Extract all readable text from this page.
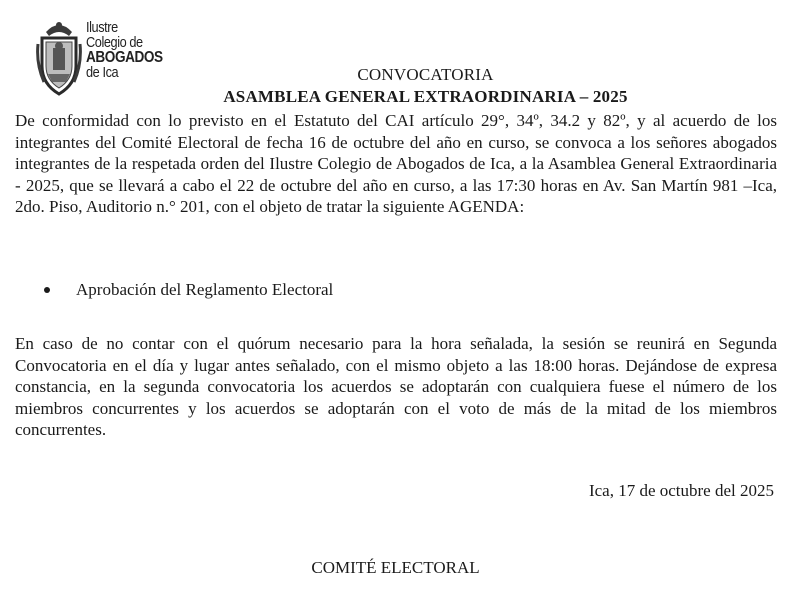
Ilustre
Colegio de
ABOGADOS
de Ica	CONVOCATORIA
ASAMBLEA GENERAL EXTRAORDINARIA – 2025
De conformidad con lo previsto en el Estatuto del CAI artículo 29°, 34º, 34.2 y 82º, y al acuerdo de los integrantes del Comité Electoral de fecha 16 de octubre del año en curso, se convoca a los señores abogados integrantes de la respetada orden del Ilustre Colegio de Abogados de Ica, a la Asamblea General Extraordinaria - 2025, que se llevará a cabo el 22 de octubre del año en curso, a las 17:30 horas en Av. San Martín 981 –Ica, 2do. Piso, Auditorio n.° 201, con el objeto de tratar la siguiente AGENDA:
Aprobación del Reglamento Electoral
En caso de no contar con el quórum necesario para la hora señalada, la sesión se reunirá en Segunda Convocatoria en el día y lugar antes señalado, con el mismo objeto a las 18:00 horas. Dejándose de expresa constancia, en la segunda convocatoria los acuerdos se adoptarán con cualquiera fuese el número de los miembros concurrentes y los acuerdos se adoptarán con el voto de más de la mitad de los miembros concurrentes.
Ica, 17 de octubre del 2025
COMITÉ ELECTORAL
